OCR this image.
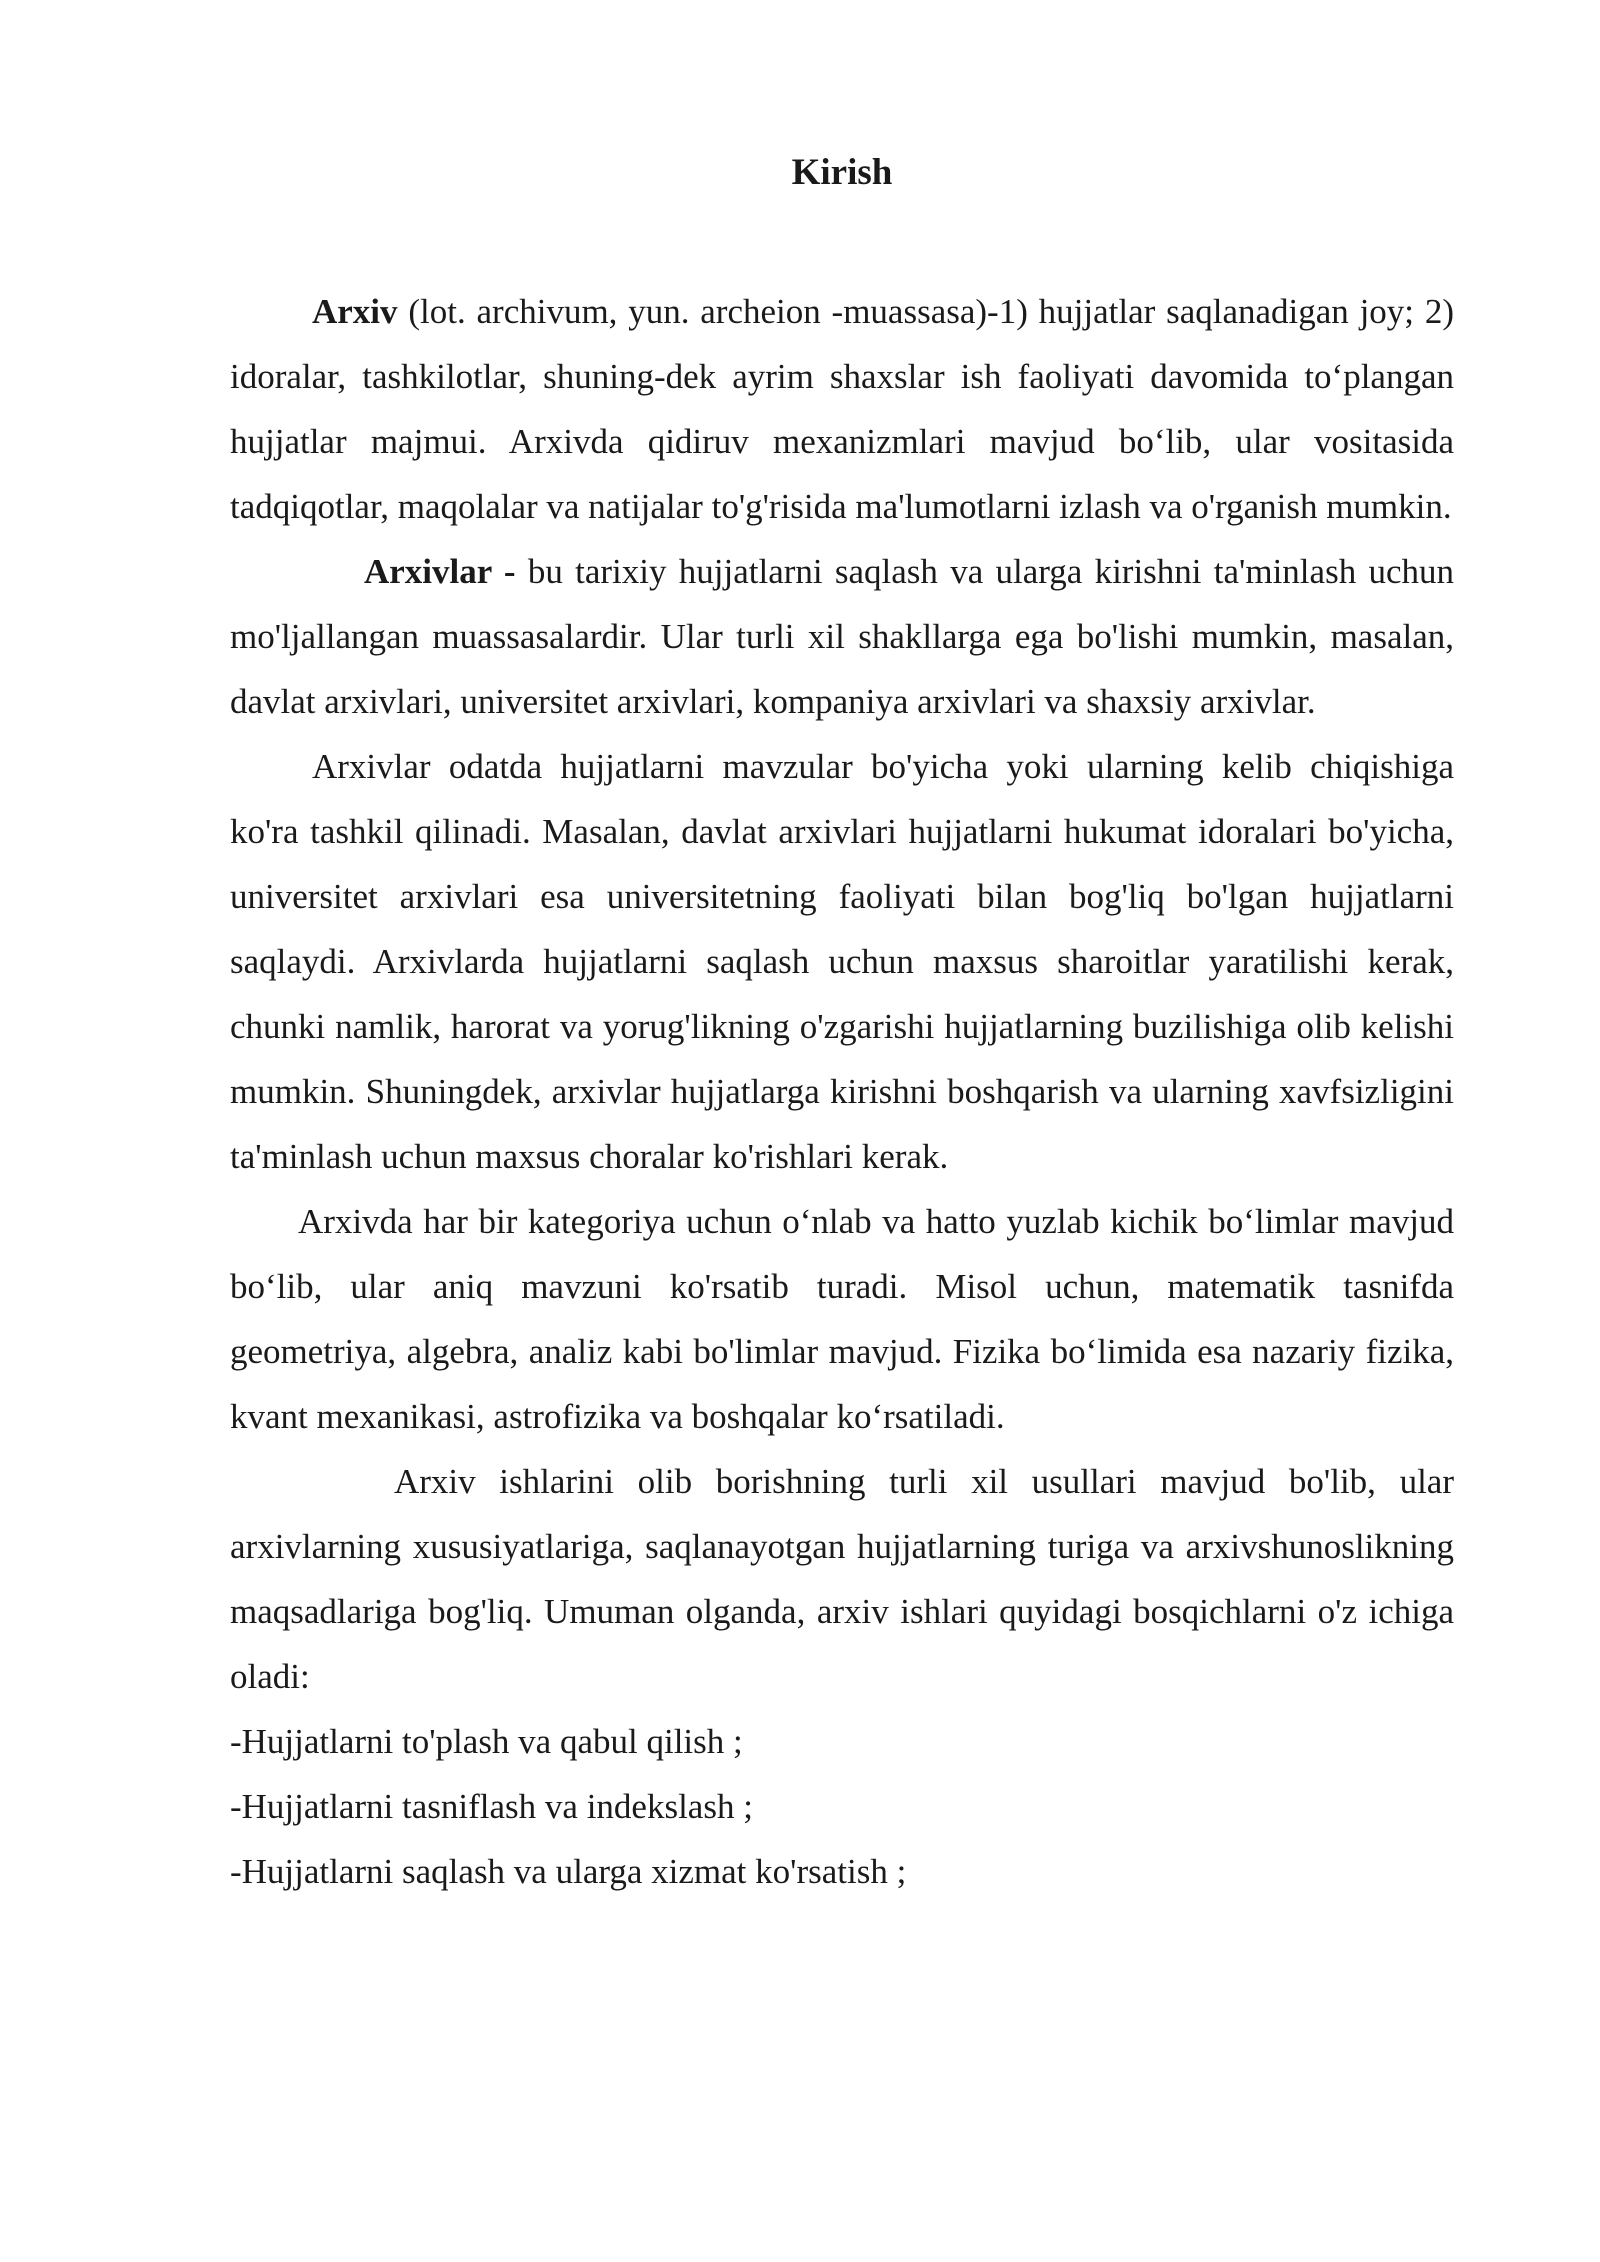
Kirish

Arxiv (lot. archivum, yun. archeion -muassasa)-1) hujjatlar saqlanadigan joy; 2) idoralar, tashkilotlar, shuning-dek ayrim shaxslar ish faoliyati davomida to‘plangan hujjatlar majmui. Arxivda qidiruv mexanizmlari mavjud bo‘lib, ular vositasida tadqiqotlar, maqolalar va natijalar to'g'risida ma'lumotlarni izlash va o'rganish mumkin.

Arxivlar - bu tarixiy hujjatlarni saqlash va ularga kirishni ta'minlash uchun mo'ljallangan muassasalardir. Ular turli xil shakllarga ega bo'lishi mumkin, masalan, davlat arxivlari, universitet arxivlari, kompaniya arxivlari va shaxsiy arxivlar.

Arxivlar odatda hujjatlarni mavzular bo'yicha yoki ularning kelib chiqishiga ko'ra tashkil qilinadi. Masalan, davlat arxivlari hujjatlarni hukumat idoralari bo'yicha, universitet arxivlari esa universitetning faoliyati bilan bog'liq bo'lgan hujjatlarni saqlaydi. Arxivlarda hujjatlarni saqlash uchun maxsus sharoitlar yaratilishi kerak, chunki namlik, harorat va yorug'likning o'zgarishi hujjatlarning buzilishiga olib kelishi mumkin. Shuningdek, arxivlar hujjatlarga kirishni boshqarish va ularning xavfsizligini ta'minlash uchun maxsus choralar ko'rishlari kerak.

Arxivda har bir kategoriya uchun o‘nlab va hatto yuzlab kichik bo‘limlar mavjud bo‘lib, ular aniq mavzuni ko'rsatib turadi. Misol uchun, matematik tasnifda geometriya, algebra, analiz kabi bo'limlar mavjud. Fizika bo‘limida esa nazariy fizika, kvant mexanikasi, astrofizika va boshqalar ko‘rsatiladi.

Arxiv ishlarini olib borishning turli xil usullari mavjud bo'lib, ular arxivlarning xususiyatlariga, saqlanayotgan hujjatlarning turiga va arxivshunoslikning maqsadlariga bog'liq. Umuman olganda, arxiv ishlari quyidagi bosqichlarni o'z ichiga oladi:

-Hujjatlarni to'plash va qabul qilish ;

-Hujjatlarni tasniflash va indekslash ;

-Hujjatlarni saqlash va ularga xizmat ko'rsatish ;
